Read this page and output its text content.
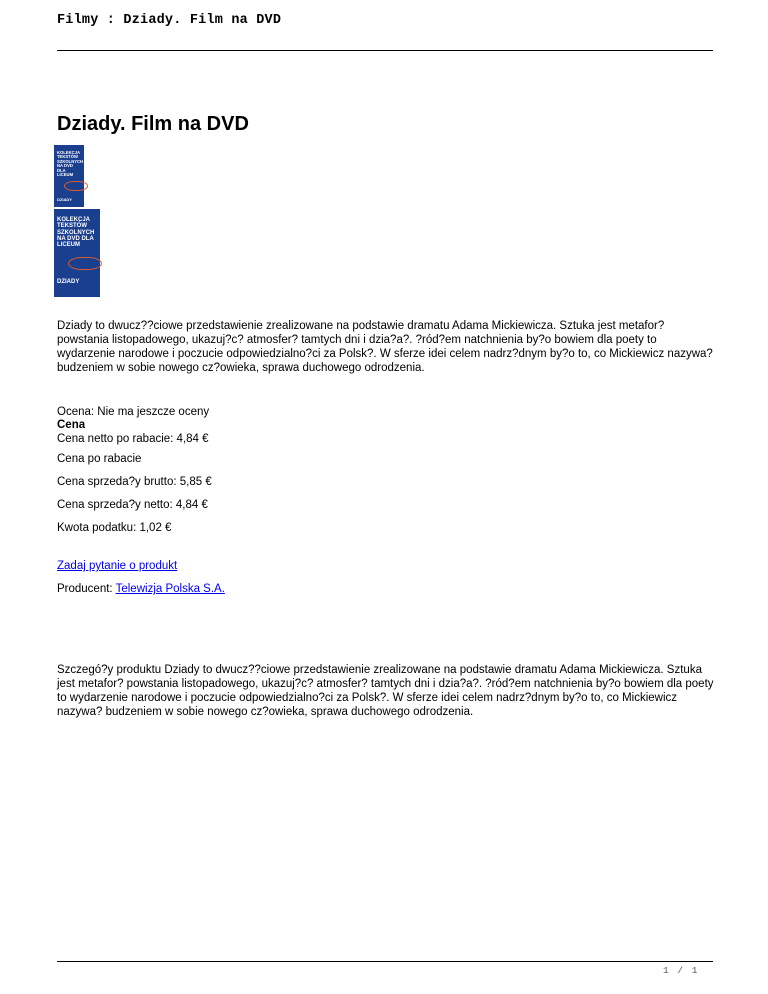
Filmy : Dziady. Film na DVD
Dziady. Film na DVD
KOLEKCJA TEKSTÓW SZKOLNYCH NA DVD DLA LICEUM
DZIADY
KOLEKCJA TEKSTÓW SZKOLNYCH NA DVD DLA LICEUM
DZIADY

Dziady to dwucz??ciowe przedstawienie zrealizowane na podstawie dramatu Adama Mickiewicza. Sztuka jest metafor? powstania listopadowego, ukazuj?c? atmosfer? tamtych dni i dzia?a?. ?ród?em natchnienia by?o bowiem dla poety to wydarzenie narodowe i poczucie odpowiedzialno?ci za Polsk?. W sferze idei celem nadrz?dnym by?o to, co Mickiewicz nazywa? budzeniem w sobie nowego cz?owieka, sprawa duchowego odrodzenia.

Ocena: Nie ma jeszcze oceny
Cena
Cena netto po rabacie: 4,84 €
Cena po rabacie
Cena sprzeda?y brutto: 5,85 €
Cena sprzeda?y netto: 4,84 €
Kwota podatku: 1,02 €
Zadaj pytanie o produkt
Producent: Telewizja Polska S.A.

Szczegó?y produktu Dziady to dwucz??ciowe przedstawienie zrealizowane na podstawie dramatu Adama Mickiewicza. Sztuka jest metafor? powstania listopadowego, ukazuj?c? atmosfer? tamtych dni i dzia?a?. ?ród?em natchnienia by?o bowiem dla poety to wydarzenie narodowe i poczucie odpowiedzialno?ci za Polsk?. W sferze idei celem nadrz?dnym by?o to, co Mickiewicz nazywa? budzeniem w sobie nowego cz?owieka, sprawa duchowego odrodzenia.

1 / 1
